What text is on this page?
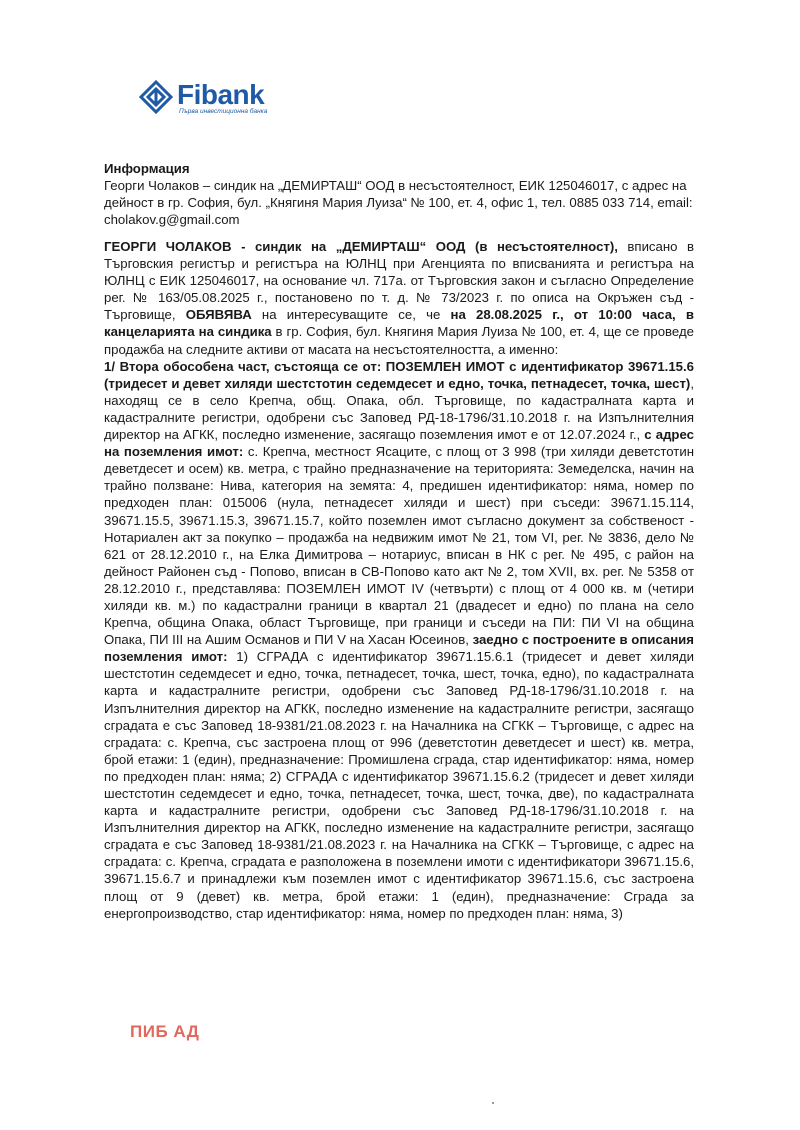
Fibank
Първа инвестиционна банка

Информация

Георги Чолаков – синдик на „ДЕМИРТАШ“ ООД в несъстоятелност, ЕИК 125046017, с адрес на дейност в гр. София, бул. „Княгиня Мария Луиза“ № 100, ет. 4, офис 1, тел. 0885 033 714, email: cholakov.g@gmail.com

ГЕОРГИ ЧОЛАКОВ - синдик на „ДЕМИРТАШ“ ООД (в несъстоятелност), вписано в Търговския регистър и регистъра на ЮЛНЦ при Агенцията по вписванията и регистъра на ЮЛНЦ с ЕИК 125046017, на основание чл. 717а. от Търговския закон и съгласно Определение рег. № 163/05.08.2025 г., постановено по т. д. № 73/2023 г. по описа на Окръжен съд - Търговище, ОБЯВЯВА на интересуващите се, че на 28.08.2025 г., от 10:00 часа, в канцеларията на синдика в гр. София, бул. Княгиня Мария Луиза № 100, ет. 4, ще се проведе продажба на следните активи от масата на несъстоятелността, а именно:

1/ Втора обособена част, състояща се от: ПОЗЕМЛЕН ИМОТ с идентификатор 39671.15.6 (тридесет и девет хиляди шестстотин седемдесет и едно, точка, петнадесет, точка, шест), находящ се в село Крепча, общ. Опака, обл. Търговище, по кадастралната карта и кадастралните регистри, одобрени със Заповед РД-18-1796/31.10.2018 г. на Изпълнителния директор на АГКК, последно изменение, засягащо поземления имот е от 12.07.2024 г., с адрес на поземления имот: с. Крепча, местност Ясаците, с площ от 3 998 (три хиляди деветстотин деветдесет и осем) кв. метра, с трайно предназначение на територията: Земеделска, начин на трайно ползване: Нива, категория на земята: 4, предишен идентификатор: няма, номер по предходен план: 015006 (нула, петнадесет хиляди и шест) при съседи: 39671.15.114, 39671.15.5, 39671.15.3, 39671.15.7, който поземлен имот съгласно документ за собственост - Нотариален акт за покупко – продажба на недвижим имот № 21, том VI, рег. № 3836, дело № 621 от 28.12.2010 г., на Елка Димитрова – нотариус, вписан в НК с рег. № 495, с район на дейност Районен съд - Попово, вписан в СВ-Попово като акт № 2, том XVII, вх. рег. № 5358 от 28.12.2010 г., представлява: ПОЗЕМЛЕН ИМОТ IV (четвърти) с площ от 4 000 кв. м (четири хиляди кв. м.) по кадастрални граници в квартал 21 (двадесет и едно) по плана на село Крепча, община Опака, област Търговище, при граници и съседи на ПИ: ПИ VI на община Опака, ПИ III на Ашим Османов и ПИ V на Хасан Юсеинов, заедно с построените в описания поземления имот: 1) СГРАДА с идентификатор 39671.15.6.1 (тридесет и девет хиляди шестстотин седемдесет и едно, точка, петнадесет, точка, шест, точка, едно), по кадастралната карта и кадастралните регистри, одобрени със Заповед РД-18-1796/31.10.2018 г. на Изпълнителния директор на АГКК, последно изменение на кадастралните регистри, засягащо сградата е със Заповед 18-9381/21.08.2023 г. на Началника на СГКК – Търговище, с адрес на сградата: с. Крепча, със застроена площ от 996 (деветстотин деветдесет и шест) кв. метра, брой етажи: 1 (един), предназначение: Промишлена сграда, стар идентификатор: няма, номер по предходен план: няма; 2) СГРАДА с идентификатор 39671.15.6.2 (тридесет и девет хиляди шестстотин седемдесет и едно, точка, петнадесет, точка, шест, точка, две), по кадастралната карта и кадастралните регистри, одобрени със Заповед РД-18-1796/31.10.2018 г. на Изпълнителния директор на АГКК, последно изменение на кадастралните регистри, засягащо сградата е със Заповед 18-9381/21.08.2023 г. на Началника на СГКК – Търговище, с адрес на сградата: с. Крепча, сградата е разположена в поземлени имоти с идентификатори 39671.15.6, 39671.15.6.7 и принадлежи към поземлен имот с идентификатор 39671.15.6, със застроена площ от 9 (девет) кв. метра, брой етажи: 1 (един), предназначение: Сграда за енергопроизводство, стар идентификатор: няма, номер по предходен план: няма, 3)

ПИБ АД
